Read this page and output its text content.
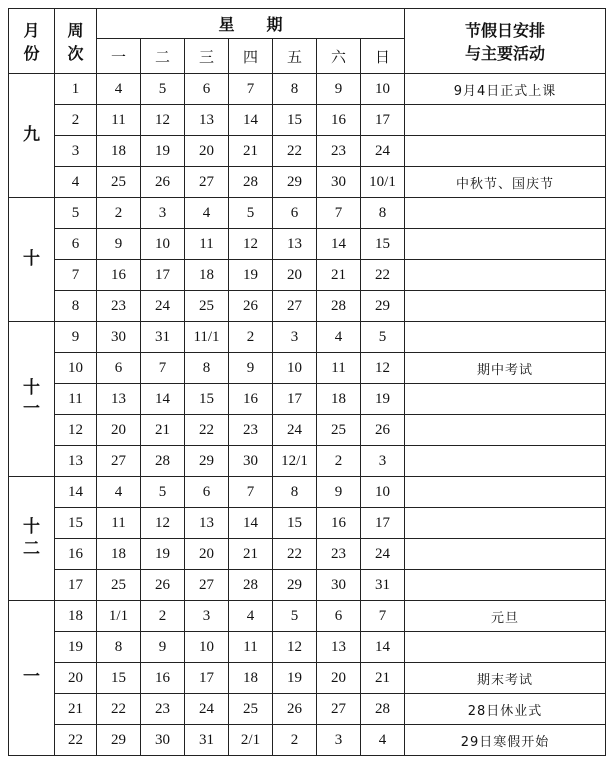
月
份	周
次	星　　期							节假日安排
与主要活动

		一	二	三	四	五	六	日	
九	1	4	5	6	7	8	9	10	9月4日正式上课
	2	11	12	13	14	15	16	17	
	3	18	19	20	21	22	23	24	
	4	25	26	27	28	29	30	10/1	中秋节、国庆节
十	5	2	3	4	5	6	7	8	
	6	9	10	11	12	13	14	15	
	7	16	17	18	19	20	21	22	
	8	23	24	25	26	27	28	29	

十
一	9	30	31	11/1	2	3	4	5	
	10	6	7	8	9	10	11	12	期中考试
	11	13	14	15	16	17	18	19	
	12	20	21	22	23	24	25	26	
	13	27	28	29	30	12/1	2	3	

十
二	14	4	5	6	7	8	9	10	
	15	11	12	13	14	15	16	17	
	16	18	19	20	21	22	23	24	
	17	25	26	27	28	29	30	31	
一	18	1/1	2	3	4	5	6	7	元旦
	19	8	9	10	11	12	13	14	
	20	15	16	17	18	19	20	21	期末考试
	21	22	23	24	25	26	27	28	28日休业式
	22	29	30	31	2/1	2	3	4	29日寒假开始
